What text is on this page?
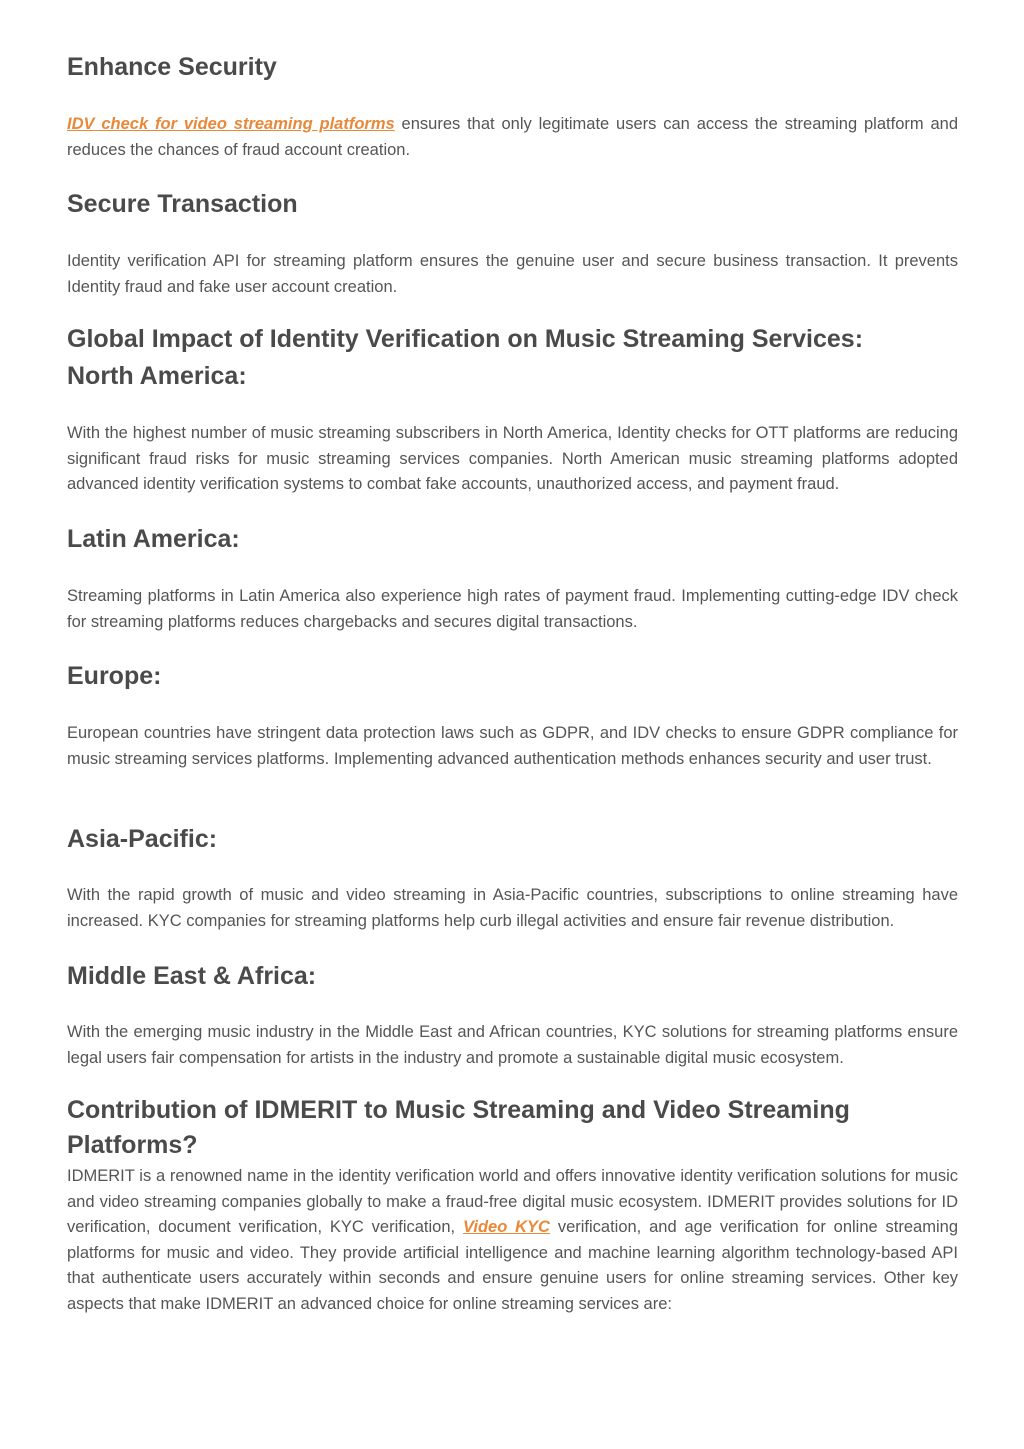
Enhance Security

IDV check for video streaming platforms ensures that only legitimate users can access the streaming platform and reduces the chances of fraud account creation.

Secure Transaction

Identity verification API for streaming platform ensures the genuine user and secure business transaction. It prevents Identity fraud and fake user account creation.

Global Impact of Identity Verification on Music Streaming Services:
North America:

With the highest number of music streaming subscribers in North America, Identity checks for OTT platforms are reducing significant fraud risks for music streaming services companies. North American music streaming platforms adopted advanced identity verification systems to combat fake accounts, unauthorized access, and payment fraud.

Latin America:

Streaming platforms in Latin America also experience high rates of payment fraud. Implementing cutting-edge IDV check for streaming platforms reduces chargebacks and secures digital transactions.

Europe:

European countries have stringent data protection laws such as GDPR, and IDV checks to ensure GDPR compliance for music streaming services platforms. Implementing advanced authentication methods enhances security and user trust.

Asia-Pacific:

With the rapid growth of music and video streaming in Asia-Pacific countries, subscriptions to online streaming have increased. KYC companies for streaming platforms help curb illegal activities and ensure fair revenue distribution.

Middle East & Africa:

With the emerging music industry in the Middle East and African countries, KYC solutions for streaming platforms ensure legal users fair compensation for artists in the industry and promote a sustainable digital music ecosystem.

Contribution of IDMERIT to Music Streaming and Video Streaming Platforms?

IDMERIT is a renowned name in the identity verification world and offers innovative identity verification solutions for music and video streaming companies globally to make a fraud-free digital music ecosystem. IDMERIT provides solutions for ID verification, document verification, KYC verification, Video KYC verification, and age verification for online streaming platforms for music and video. They provide artificial intelligence and machine learning algorithm technology-based API that authenticate users accurately within seconds and ensure genuine users for online streaming services. Other key aspects that make IDMERIT an advanced choice for online streaming services are:
